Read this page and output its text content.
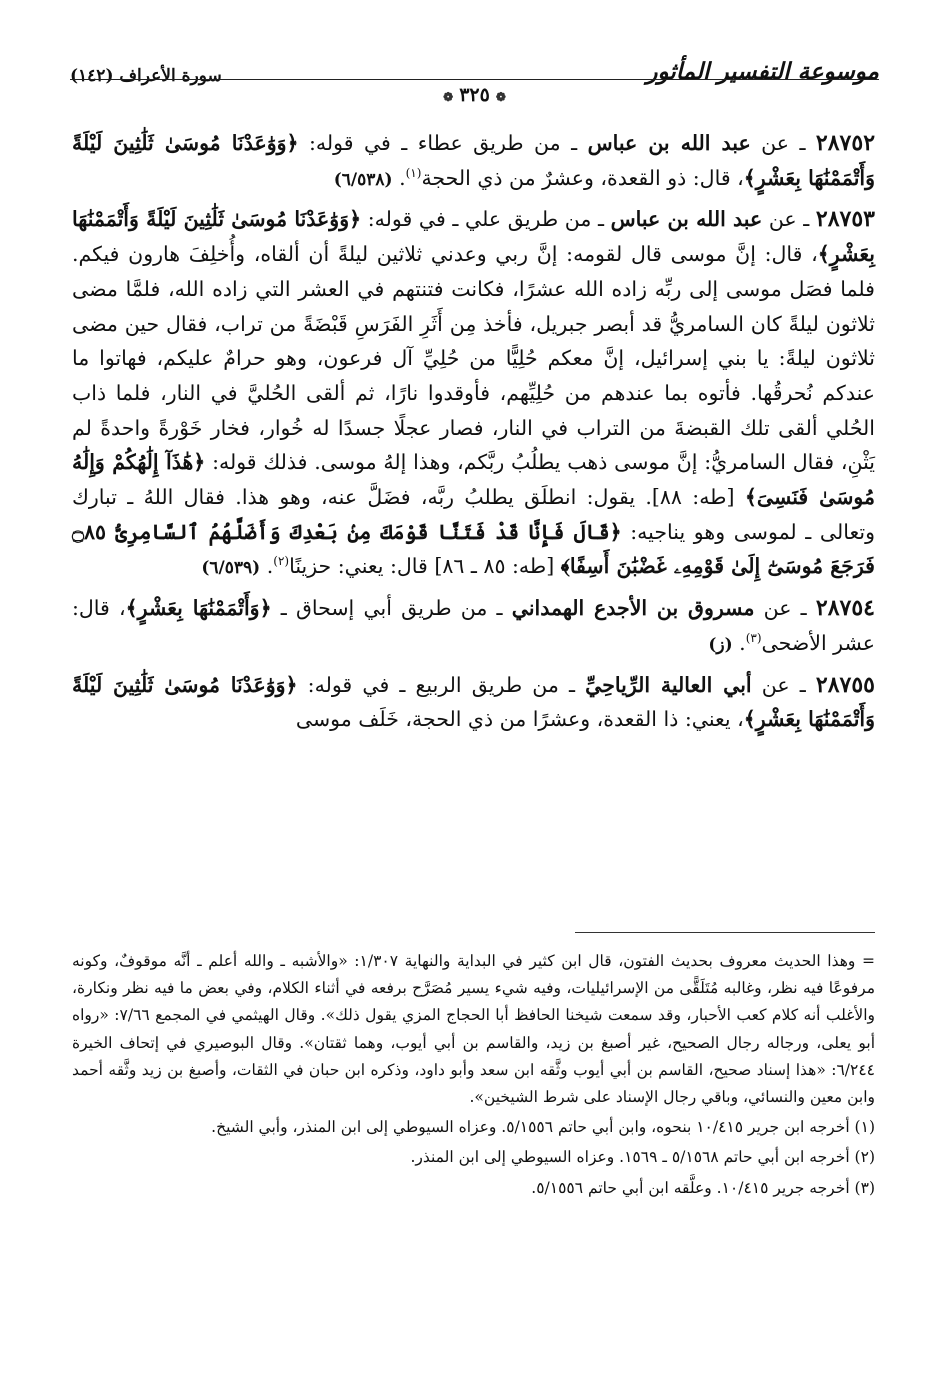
موسوعة التفسير المأثور
سورة الأعراف (١٤٢)
❁٣٢٥❁

٢٨٧٥٢ ـ عن عبد الله بن عباس ـ من طريق عطاء ـ في قوله: ﴿وَوَٰعَدْنَا مُوسَىٰ ثَلَٰثِينَ لَيْلَةً وَأَتْمَمْنَٰهَا بِعَشْرٍ﴾، قال: ذو القعدة، وعشرٌ من ذي الحجة$^{(١)}$. (٦/٥٣٨)

٢٨٧٥٣ ـ عن عبد الله بن عباس ـ من طريق علي ـ في قوله: ﴿وَوَٰعَدْنَا مُوسَىٰ ثَلَٰثِينَ لَيْلَةً وَأَتْمَمْنَٰهَا بِعَشْرٍ﴾، قال: إنَّ موسى قال لقومه: إنَّ ربي وعدني ثلاثين ليلةً أن ألقاه، وأُخلِفَ هارون فيكم. فلما فصَل موسى إلى ربِّه زاده الله عشرًا، فكانت فتنتهم في العشر التي زاده الله، فلمَّا مضى ثلاثون ليلةً كان السامريُّ قد أبصر جبريل، فأخذ مِن أَثَرِ الفَرَسِ قَبْضَةً من تراب، فقال حين مضى ثلاثون ليلةً: يا بني إسرائيل، إنَّ معكم حُلِيًّا من حُلِيِّ آل فرعون، وهو حرامٌ عليكم، فهاتوا ما عندكم نُحرقُها. فأتوه بما عندهم من حُلِيِّهم، فأوقدوا نارًا، ثم ألقى الحُليَّ في النار، فلما ذاب الحُلي ألقى تلك القبضةَ من التراب في النار، فصار عجلًا جسدًا له خُوار، فخار خَوْرةً واحدةً لم يَثْنِ، فقال السامريُّ: إنَّ موسى ذهب يطلُبُ ربَّكم، وهذا إلهُ موسى. فذلك قوله: ﴿هَٰذَآ إِلَٰهُكُمْ وَإِلَٰهُ مُوسَىٰ فَنَسِىَ﴾ [طه: ٨٨]. يقول: انطلَق يطلبُ ربَّه، فضَلَّ عنه، وهو هذا. فقال اللهُ ـ تبارك وتعالى ـ لموسى وهو يناجيه: ﴿قَالَ فَإِنَّا قَدْ فَتَنَّا قَوْمَكَ مِنۢ بَعْدِكَ وَأَضَلَّهُمُ ٱلسَّامِرِىُّ ۝٨٥ فَرَجَعَ مُوسَىٰٓ إِلَىٰ قَوْمِهِۦ غَضْبَٰنَ أَسِفًا﴾ [طه: ٨٥ ـ ٨٦] قال: يعني: حزينًا$^{(٢)}$. (٦/٥٣٩)

٢٨٧٥٤ ـ عن مسروق بن الأجدع الهمداني ـ من طريق أبي إسحاق ـ ﴿وَأَتْمَمْنَٰهَا بِعَشْرٍ﴾، قال: عشر الأضحى$^{(٣)}$. (ز)

٢٨٧٥٥ ـ عن أبي العالية الرِّياحِيِّ ـ من طريق الربيع ـ في قوله: ﴿وَوَٰعَدْنَا مُوسَىٰ ثَلَٰثِينَ لَيْلَةً وَأَتْمَمْنَٰهَا بِعَشْرٍ﴾، يعني: ذا القعدة، وعشرًا من ذي الحجة، خَلَف موسى

= وهذا الحديث معروف بحديث الفتون، قال ابن كثير في البداية والنهاية ١/٣٠٧: «والأشبه ـ والله أعلم ـ أنَّه موقوفٌ، وكونه مرفوعًا فيه نظر، وغالبه مُتَلَقًّى من الإسرائيليات، وفيه شيء يسير مُصَرَّح برفعه في أثناء الكلام، وفي بعض ما فيه نظر ونكارة، والأغلب أنه كلام كعب الأحبار، وقد سمعت شيخنا الحافظ أبا الحجاج المزي يقول ذلك». وقال الهيثمي في المجمع ٧/٦٦: «رواه أبو يعلى، ورجاله رجال الصحيح، غير أصبغ بن زيد، والقاسم بن أبي أيوب، وهما ثقتان». وقال البوصيري في إتحاف الخيرة ٦/٢٤٤: «هذا إسناد صحيح، القاسم بن أبي أيوب وثَّقه ابن سعد وأبو داود، وذكره ابن حبان في الثقات، وأصبغ بن زيد وثَّقه أحمد وابن معين والنسائي، وباقي رجال الإسناد على شرط الشيخين».

(١) أخرجه ابن جرير ١٠/٤١٥ بنحوه، وابن أبي حاتم ٥/١٥٥٦. وعزاه السيوطي إلى ابن المنذر، وأبي الشيخ.

(٢) أخرجه ابن أبي حاتم ٥/١٥٦٨ ـ ١٥٦٩. وعزاه السيوطي إلى ابن المنذر.

(٣) أخرجه جرير ١٠/٤١٥. وعلَّقه ابن أبي حاتم ٥/١٥٥٦.
